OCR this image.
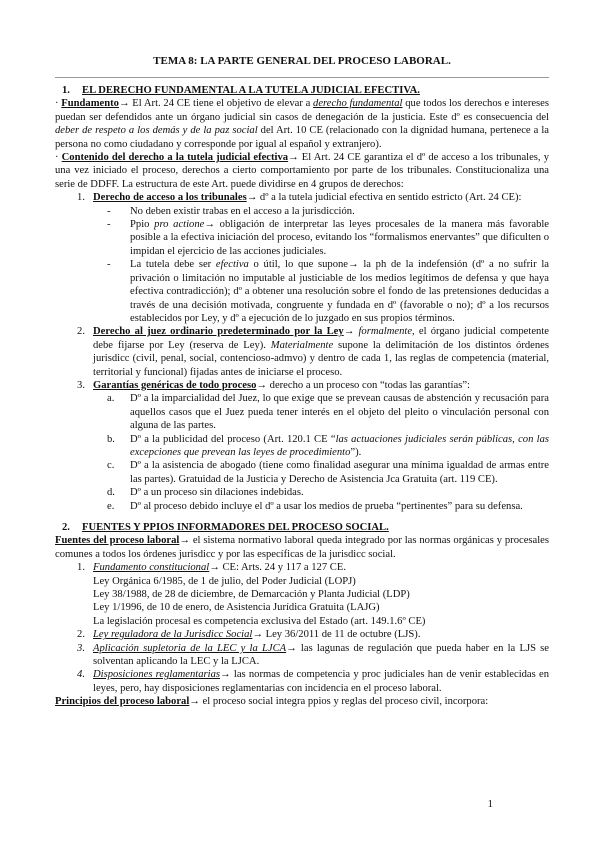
TEMA 8: LA PARTE GENERAL DEL PROCESO LABORAL.

1. EL DERECHO FUNDAMENTAL A LA TUTELA JUDICIAL EFECTIVA.

· Fundamento→ El Art. 24 CE tiene el objetivo de elevar a derecho fundamental que todos los derechos e intereses puedan ser defendidos ante un órgano judicial sin casos de denegación de la justicia. Este dº es consecuencia del deber de respeto a los demás y de la paz social del Art. 10 CE (relacionado con la dignidad humana, pertenece a la persona no como ciudadano y corresponde por igual al español y extranjero).

· Contenido del derecho a la tutela judicial efectiva→ El Art. 24 CE garantiza el dº de acceso a los tribunales, y una vez iniciado el proceso, derechos a cierto comportamiento por parte de los tribunales. Constitucionaliza una serie de DDFF. La estructura de este Art. puede dividirse en 4 grupos de derechos:

1. Derecho de acceso a los tribunales→ dº a la tutela judicial efectiva en sentido estricto (Art. 24 CE):
-	No deben existir trabas en el acceso a la jurisdicción.
-	Ppio pro actione→ obligación de interpretar las leyes procesales de la manera más favorable posible a la efectiva iniciación del proceso, evitando los “formalismos enervantes” que dificulten o impidan el ejercicio de las acciones judiciales.
-	La tutela debe ser efectiva o útil, lo que supone→ la ph de la indefensión (dº a no sufrir la privación o limitación no imputable al justiciable de los medios legítimos de defensa y que haya efectiva contradicción); dº a obtener una resolución sobre el fondo de las pretensiones deducidas a través de una decisión motivada, congruente y fundada en dº (favorable o no); dº a los recursos establecidos por Ley, y dº a ejecución de lo juzgado en sus propios términos.
2. Derecho al juez ordinario predeterminado por la Ley→ formalmente, el órgano judicial competente debe fijarse por Ley (reserva de Ley). Materialmente supone la delimitación de los distintos órdenes jurisdicc (civil, penal, social, contencioso-admvo) y dentro de cada 1, las reglas de competencia (material, territorial y funcional) fijadas antes de iniciarse el proceso.
3. Garantías genéricas de todo proceso→ derecho a un proceso con “todas las garantías”:
a.	Dº a la imparcialidad del Juez, lo que exige que se prevean causas de abstención y recusación para aquellos casos que el Juez pueda tener interés en el objeto del pleito o vinculación personal con alguna de las partes.
b.	Dº a la publicidad del proceso (Art. 120.1 CE “las actuaciones judiciales serán públicas, con las excepciones que prevean las leyes de procedimiento”).
c.	Dº a la asistencia de abogado (tiene como finalidad asegurar una mínima igualdad de armas entre las partes). Gratuidad de la Justicia y Derecho de Asistencia Jca Gratuita (art. 119 CE).
d.	Dº a un proceso sin dilaciones indebidas.
e.	Dº al proceso debido incluye el dº a usar los medios de prueba “pertinentes” para su defensa.

2. FUENTES Y PPIOS INFORMADORES DEL PROCESO SOCIAL.

Fuentes del proceso laboral→ el sistema normativo laboral queda integrado por las normas orgánicas y procesales comunes a todos los órdenes jurisdicc y por las específicas de la jurisdicc social.

1. Fundamento constitucional→ CE: Arts. 24 y 117 a 127 CE.
Ley Orgánica 6/1985, de 1 de julio, del Poder Judicial (LOPJ)
Ley 38/1988, de 28 de diciembre, de Demarcación y Planta Judicial (LDP)
Ley 1/1996, de 10 de enero, de Asistencia Jurídica Gratuita (LAJG)
La legislación procesal es competencia exclusiva del Estado (art. 149.1.6º CE)
2. Ley reguladora de la Jurisdicc Social→ Ley 36/2011 de 11 de octubre (LJS).
3. Aplicación supletoria de la LEC y la LJCA→ las lagunas de regulación que pueda haber en la LJS se solventan aplicando la LEC y la LJCA.
4. Disposiciones reglamentarias→ las normas de competencia y proc judiciales han de venir establecidas en leyes, pero, hay disposiciones reglamentarias con incidencia en el proceso laboral.

Principios del proceso laboral→ el proceso social integra ppios y reglas del proceso civil, incorpora:

1
